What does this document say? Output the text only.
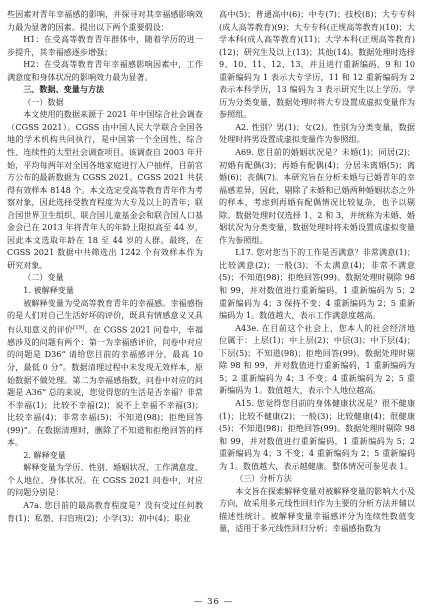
些因素对青年幸福感的影响，并探寻对其幸福感影响效力最为显著的因素。提出以下两个重要假设：

H1：在受高等教育青年群体中，随着学历的进一步提升，其幸福感逐步增强；

H2：在受高等教育青年幸福感影响因素中，工作满意度和身体状况的影响效力最为显著。

三、数据、变量与方法

（一）数据

本文使用的数据来源于 2021 年中国综合社会调查（CGSS 2021）。CGSS 由中国人民大学联合全国各地的学术机构共同执行，是中国第一个全国性、综合性、连续性的大型社会调查项目。该调查自 2003 年开始，平均每两年对全国各地家庭进行入户抽样，目前官方公布的最新数据为 CGSS 2021。CGSS 2021 共获得有效样本 8148 个。本文选定受高等教育青年作为考察对象，因此选择受教育程度为大专及以上的青年；联合国世界卫生组织、联合国儿童基金会和联合国人口基金会已在 2013 年将青年人的年龄上限拟高至 44 岁，因此本文选取年龄在 18 至 44 岁的人群。最终，在 CGSS 2021 数据中共筛选出 1242 个有效样本作为研究对象。

（二）变量

1. 被解释变量

被解释变量为受高等教育青年的幸福感。幸福感指的是人们对自己生活好坏的评价，既具有情感意义又具有认知意义的评价[19]。在 CGSS 2021 问卷中，幸福感涉及的问题有两个：第一为幸福感评价，问卷中对应的问题是 D36“ 请给您目前的幸福感评分，最高 10 分，最低 0 分”。数据清理过程中未发现无效样本，原始数据不做处理。第二为幸福感指数，问卷中对应的问题是 A36“ 总的来说，您觉得您的生活是否幸福？非常不幸福(1)；比较不幸福(2)；说不上幸福不幸福(3)；比较幸福(4)；非常幸福(5)；不知道(98)；拒绝回答(99)”。在数据清理时，删除了不知道和拒绝回答的样本。

2. 解释变量

解释变量为学历、性别、婚姻状况、工作满意度、个人地位、身体状况。在 CGSS 2021 问卷中，对应的问题分别是：

A7a. 您目前的最高教育程度是？没有受过任何教育(1)；私塾、扫盲班(2)；小学(3)；初中(4)；职业

高中(5)；普通高中(6)；中专(7)；技校(8)；大专专科(成人高等教育)(9)；大专专科(正规高等教育)(10)；大学本科(成人高等教育)(11)；大学本科(正规高等教育)(12)；研究生及以上(13)；其他(14)。数据处理时选择 9、10、11、12、13，并且进行重新编码，9 和 10 重新编码为 1 表示大专学历，11 和 12 重新编码为 2 表示本科学历，13 编码为 3 表示研究生以上学历。学历为分类变量，数据处理时将大专设置成虚拟变量作为参照组。

A2. 性别？男(1)；女(2)。性别为分类变量，数据处理时将男设置成虚拟变量作为参照组。

A69. 您目前的婚姻状况是？未婚(1)；同居(2)；初婚有配偶(3)；再婚有配偶(4)；分居未离婚(5)；离婚(6)；丧偶(7)。本研究旨在分析未婚与已婚青年的幸福感差异，因此，剔除了未婚和已婚两种婚姻状态之外的样本，考虑到再婚有配偶情况比较复杂，也予以剔除。数据处理时仅选择 1、2 和 3，并统称为未婚、婚姻状况为分类变量，数据处理时将未婚设置成虚拟变量作为参照组。

L17. 您对您当下的工作是否满意？非常满意(1)；比较满意(2)；一般(3)；不太满意(4)；非常不满意(5)；不知道(98)；拒绝回答(99)。数据处理时剔除 98 和 99，并对数值进行重新编码，1 重新编码为 5；2 重新编码为 4；3 保持不变；4 重新编码为 2；5 重新编码为 1。数值越大，表示工作满意度越高。

A43e. 在目前这个社会上，您本人的社会经济地位属于：上层(1)；中上层(2)；中层(3)；中下层(4)；下层(5)；不知道(98)；拒绝回答(99)。数据处理时剔除 98 和 99，并对数值进行重新编码，1 重新编码为 5；2 重新编码为 4；3 不变；4 重新编码为 2；5 重新编码为 1。数值越大，表示个人地位越高。

A15. 您觉得您目前的身体健康状况是？很不健康(1)；比较不健康(2)；一般(3)；比较健康(4)；很健康(5)；不知道(98)；拒绝回答(99)。数据处理时剔除 98 和 99，并对数值进行重新编码，1 重新编码为 5；2 重新编码为 4；3 不变；4 重新编码为 2；5 重新编码为 1。数值越大，表示越健康。整体情况可参见表 1。

（三）分析方法

本文旨在探索解释变量对被解释变量的影响大小及方向，故采用多元线性回归作为主要的分析方法并辅以描述性统计。被解释变量幸福感评分为连续性数值变量，适用于多元线性回归分析；幸福感指数为

— 36 —
